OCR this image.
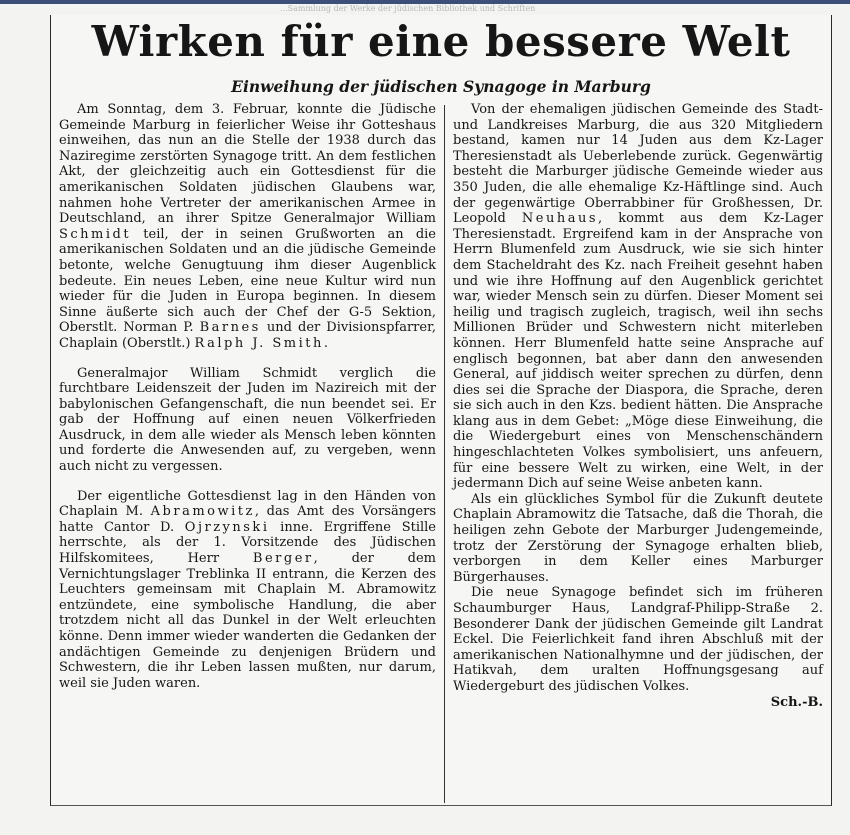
...Sammlung der Werke der jüdischen Bibliothek und Schriften
Wirken für eine bessere Welt
Einweihung der jüdischen Synagoge in Marburg

Am Sonntag, dem 3. Februar, konnte die Jüdische Gemeinde Marburg in feierlicher Weise ihr Gotteshaus einweihen, das nun an die Stelle der 1938 durch das Naziregime zerstörten Synagoge tritt. An dem festlichen Akt, der gleichzeitig auch ein Gottesdienst für die amerikanischen Soldaten jüdischen Glaubens war, nahmen hohe Vertreter der amerikanischen Armee in Deutschland, an ihrer Spitze Generalmajor William Schmidt teil, der in seinen Grußworten an die amerikanischen Soldaten und an die jüdische Gemeinde betonte, welche Genugtuung ihm dieser Augenblick bedeute. Ein neues Leben, eine neue Kultur wird nun wieder für die Juden in Europa beginnen. In diesem Sinne äußerte sich auch der Chef der G-5 Sektion, Oberstlt. Norman P. Barnes und der Divisionspfarrer, Chaplain (Oberstlt.) Ralph J. Smith.

Generalmajor William Schmidt verglich die furchtbare Leidenszeit der Juden im Nazireich mit der babylonischen Gefangenschaft, die nun beendet sei. Er gab der Hoffnung auf einen neuen Völkerfrieden Ausdruck, in dem alle wieder als Mensch leben könnten und forderte die Anwesenden auf, zu vergeben, wenn auch nicht zu vergessen.

Der eigentliche Gottesdienst lag in den Händen von Chaplain M. Abramowitz, das Amt des Vorsängers hatte Cantor D. Ojrzynski inne. Ergriffene Stille herrschte, als der 1. Vorsitzende des Jüdischen Hilfskomitees, Herr Berger, der dem Vernichtungslager Treblinka II entrann, die Kerzen des Leuchters gemeinsam mit Chaplain M. Abramowitz entzündete, eine symbolische Handlung, die aber trotzdem nicht all das Dunkel in der Welt erleuchten könne. Denn immer wieder wanderten die Gedanken der andächtigen Gemeinde zu denjenigen Brüdern und Schwestern, die ihr Leben lassen mußten, nur darum, weil sie Juden waren.

Von der ehemaligen jüdischen Gemeinde des Stadt- und Landkreises Marburg, die aus 320 Mitgliedern bestand, kamen nur 14 Juden aus dem Kz-Lager Theresienstadt als Ueberlebende zurück. Gegenwärtig besteht die Marburger jüdische Gemeinde wieder aus 350 Juden, die alle ehemalige Kz-Häftlinge sind. Auch der gegenwärtige Oberrabbiner für Großhessen, Dr. Leopold Neuhaus, kommt aus dem Kz-Lager Theresienstadt. Ergreifend kam in der Ansprache von Herrn Blumenfeld zum Ausdruck, wie sie sich hinter dem Stacheldraht des Kz. nach Freiheit gesehnt haben und wie ihre Hoffnung auf den Augenblick gerichtet war, wieder Mensch sein zu dürfen. Dieser Moment sei heilig und tragisch zugleich, tragisch, weil ihn sechs Millionen Brüder und Schwestern nicht miterleben können. Herr Blumenfeld hatte seine Ansprache auf englisch begonnen, bat aber dann den anwesenden General, auf jiddisch weiter sprechen zu dürfen, denn dies sei die Sprache der Diaspora, die Sprache, deren sie sich auch in den Kzs. bedient hätten. Die Ansprache klang aus in dem Gebet: „Möge diese Einweihung, die die Wiedergeburt eines von Menschenschändern hingeschlachteten Volkes symbolisiert, uns anfeuern, für eine bessere Welt zu wirken, eine Welt, in der jedermann Dich auf seine Weise anbeten kann.

Als ein glückliches Symbol für die Zukunft deutete Chaplain Abramowitz die Tatsache, daß die Thorah, die heiligen zehn Gebote der Marburger Judengemeinde, trotz der Zerstörung der Synagoge erhalten blieb, verborgen in dem Keller eines Marburger Bürgerhauses.

Die neue Synagoge befindet sich im früheren Schaumburger Haus, Landgraf-Philipp-Straße 2. Besonderer Dank der jüdischen Gemeinde gilt Landrat Eckel. Die Feierlichkeit fand ihren Abschluß mit der amerikanischen Nationalhymne und der jüdischen, der Hatikvah, dem uralten Hoffnungsgesang auf Wiedergeburt des jüdischen Volkes.

Sch.-B.
